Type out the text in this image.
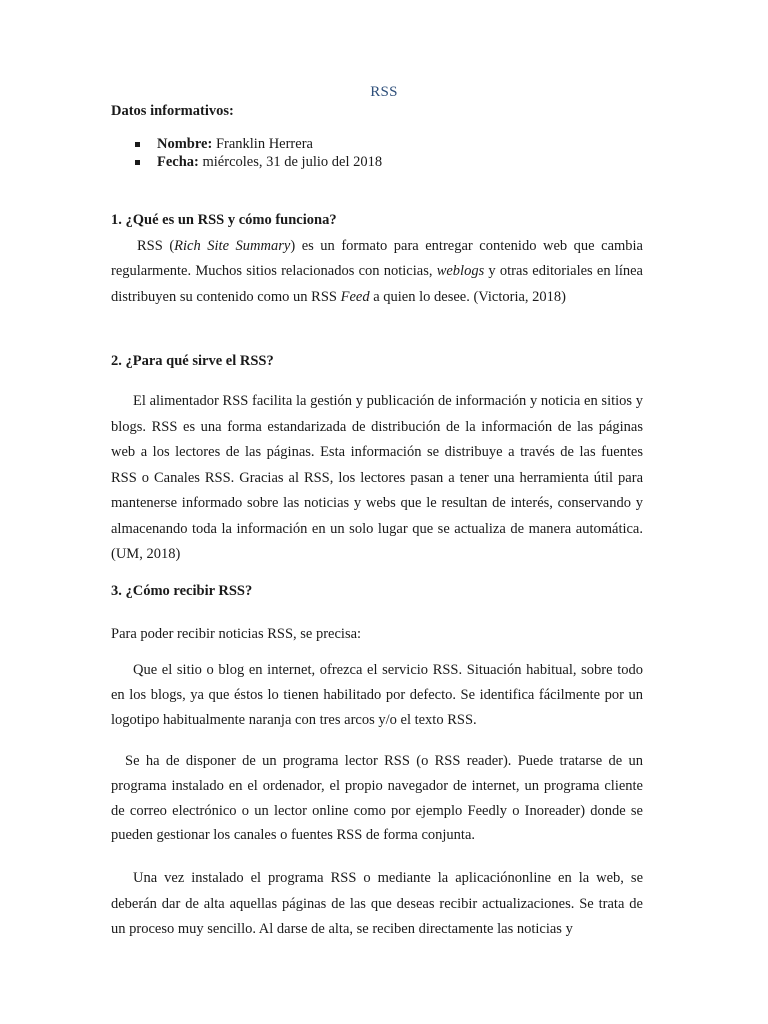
RSS
Datos informativos:
Nombre: Franklin Herrera
Fecha: miércoles, 31 de julio del 2018
1. ¿Qué es un RSS y cómo funciona?

RSS (Rich Site Summary) es un formato para entregar contenido web que cambia regularmente. Muchos sitios relacionados con noticias, weblogs y otras editoriales en línea distribuyen su contenido como un RSS Feed a quien lo desee. (Victoria, 2018)

2. ¿Para qué sirve el RSS?

El alimentador RSS facilita la gestión y publicación de información y noticia en sitios y blogs. RSS es una forma estandarizada de distribución de la información de las páginas web a los lectores de las páginas. Esta información se distribuye a través de las fuentes RSS o Canales RSS. Gracias al RSS, los lectores pasan a tener una herramienta útil para mantenerse informado sobre las noticias y webs que le resultan de interés, conservando y almacenando toda la información en un solo lugar que se actualiza de manera automática. (UM, 2018)

3. ¿Cómo recibir RSS?

Para poder recibir noticias RSS, se precisa:

Que el sitio o blog en internet, ofrezca el servicio RSS. Situación habitual, sobre todo en los blogs, ya que éstos lo tienen habilitado por defecto. Se identifica fácilmente por un logotipo habitualmente naranja con tres arcos y/o el texto RSS.

Se ha de disponer de un programa lector RSS (o RSS reader). Puede tratarse de un programa instalado en el ordenador, el propio navegador de internet, un programa cliente de correo electrónico o un lector online como por ejemplo Feedly o Inoreader) donde se pueden gestionar los canales o fuentes RSS de forma conjunta.

Una vez instalado el programa RSS o mediante la aplicaciónonline en la web, se deberán dar de alta aquellas páginas de las que deseas recibir actualizaciones. Se trata de un proceso muy sencillo. Al darse de alta, se reciben directamente las noticias y
